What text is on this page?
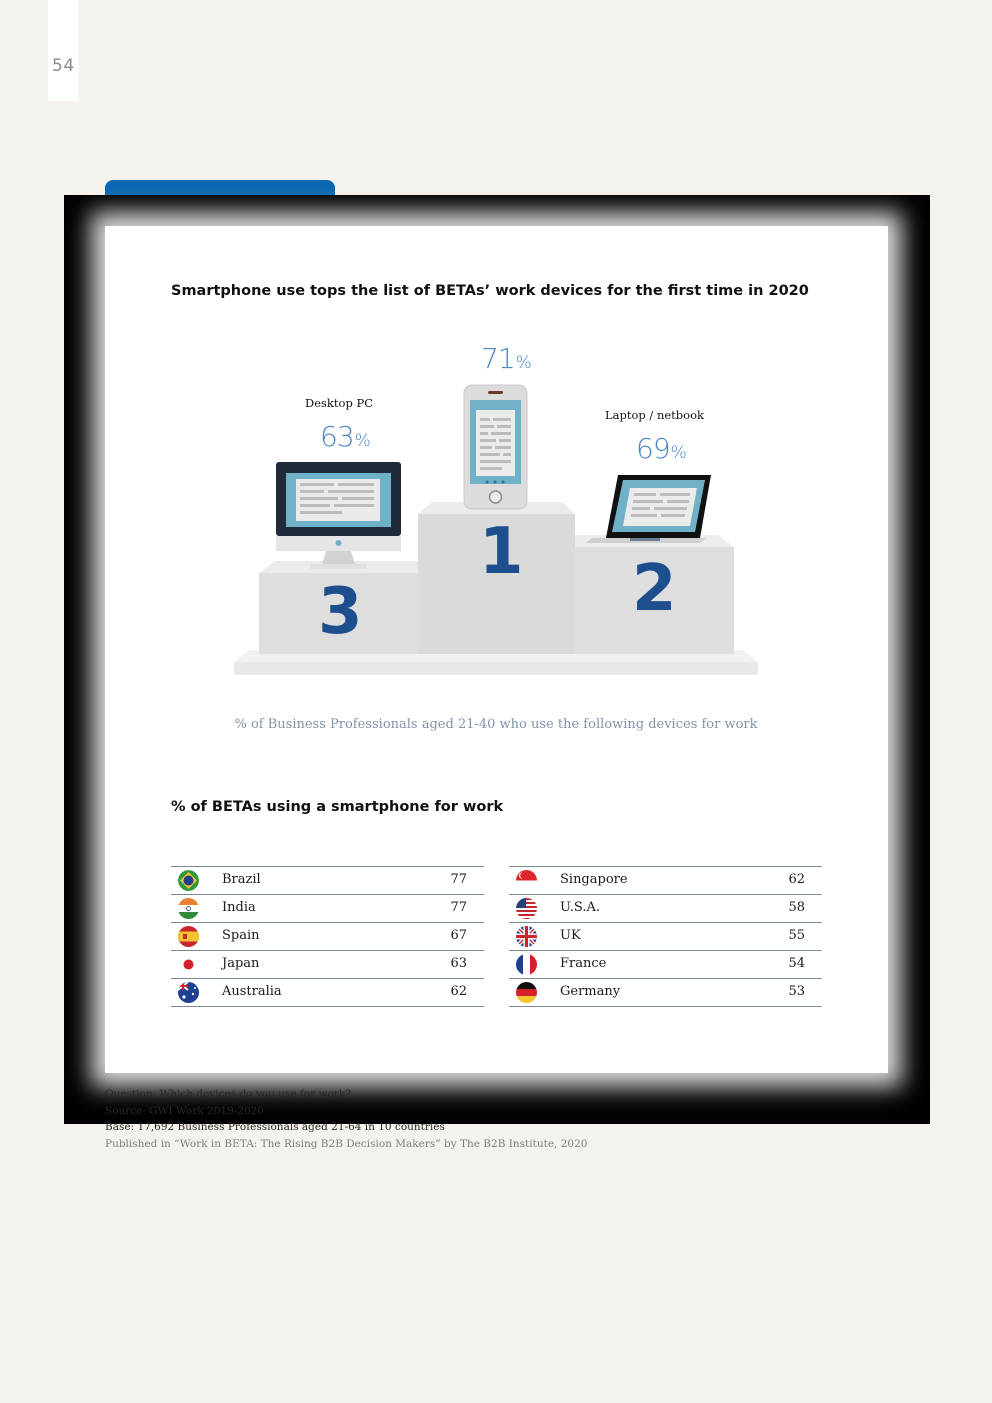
54
Smartphone use tops the list of BETAs’ work devices for the first time in 2020
Desktop PC
63%
71%
Laptop / netbook
69%
3
1 2
% of Business Professionals aged 21-40 who use the following devices for work
% of BETAs using a smartphone for work
Brazil	77
India	77
Spain	67
Japan	63
Australia	62
Singapore	62
U.S.A.	58
UK	55
France	54
Germany	53
Question: Which devices do you use for work?
Source: GWI Work 2019-2020
Base: 17,692 Business Professionals aged 21-64 in 10 countries
Published in “Work in BETA: The Rising B2B Decision Makers” by The B2B Institute, 2020
